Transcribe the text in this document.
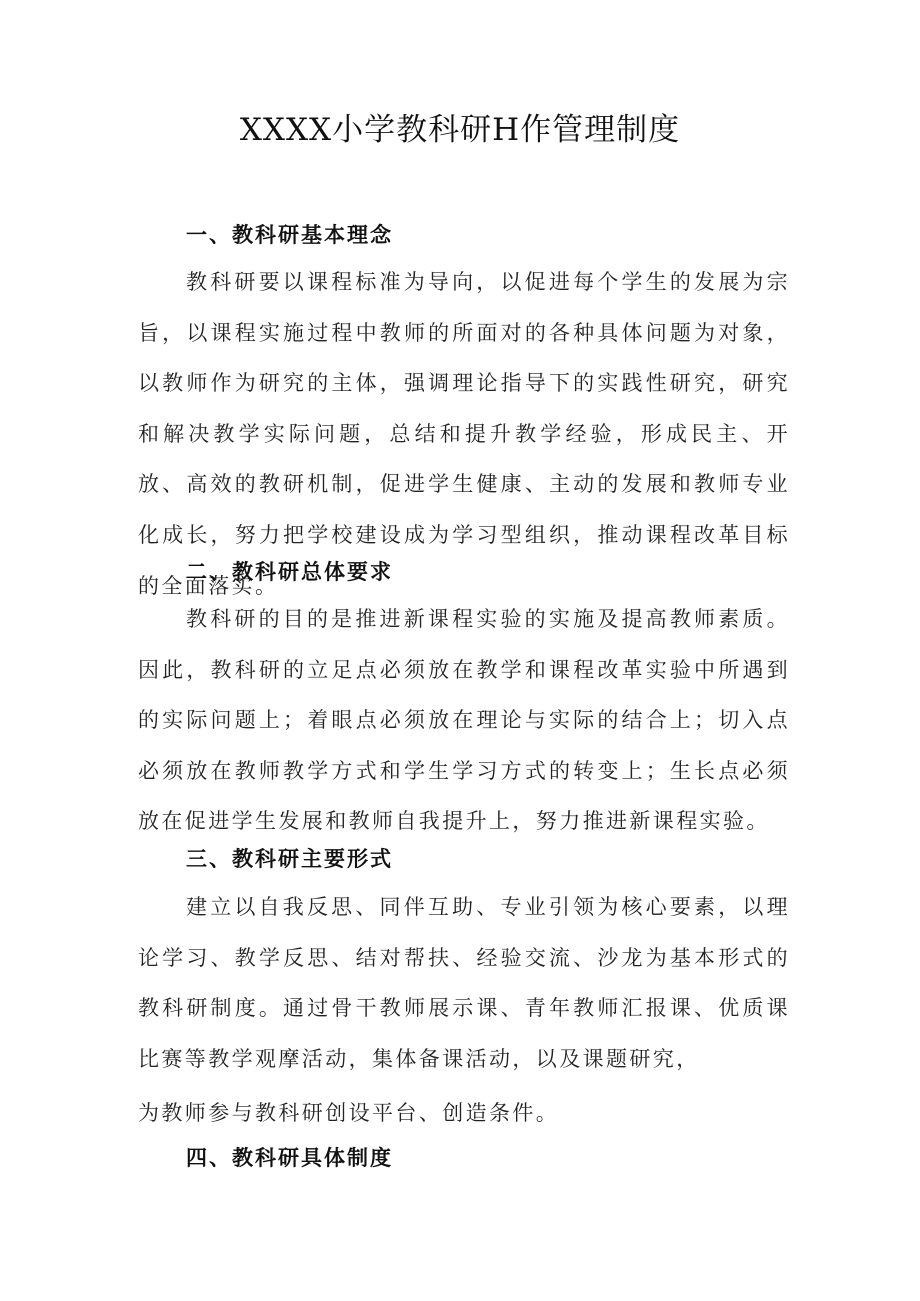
XXXX小学教科研H作管理制度
一、教科研基本理念

教科研要以课程标准为导向，以促进每个学生的发展为宗旨，以课程实施过程中教师的所面对的各种具体问题为对象，以教师作为研究的主体，强调理论指导下的实践性研究，研究和解决教学实际问题，总结和提升教学经验，形成民主、开放、高效的教研机制，促进学生健康、主动的发展和教师专业化成长，努力把学校建设成为学习型组织，推动课程改革目标的全面落实。

二、教科研总体要求

教科研的目的是推进新课程实验的实施及提高教师素质。因此，教科研的立足点必须放在教学和课程改革实验中所遇到的实际问题上；着眼点必须放在理论与实际的结合上；切入点必须放在教师教学方式和学生学习方式的转变上；生长点必须放在促进学生发展和教师自我提升上，努力推进新课程实验。

三、教科研主要形式

建立以自我反思、同伴互助、专业引领为核心要素，以理论学习、教学反思、结对帮扶、经验交流、沙龙为基本形式的教科研制度。通过骨干教师展示课、青年教师汇报课、优质课比赛等教学观摩活动，集体备课活动，以及课题研究，

为教师参与教科研创设平台、创造条件。

四、教科研具体制度
